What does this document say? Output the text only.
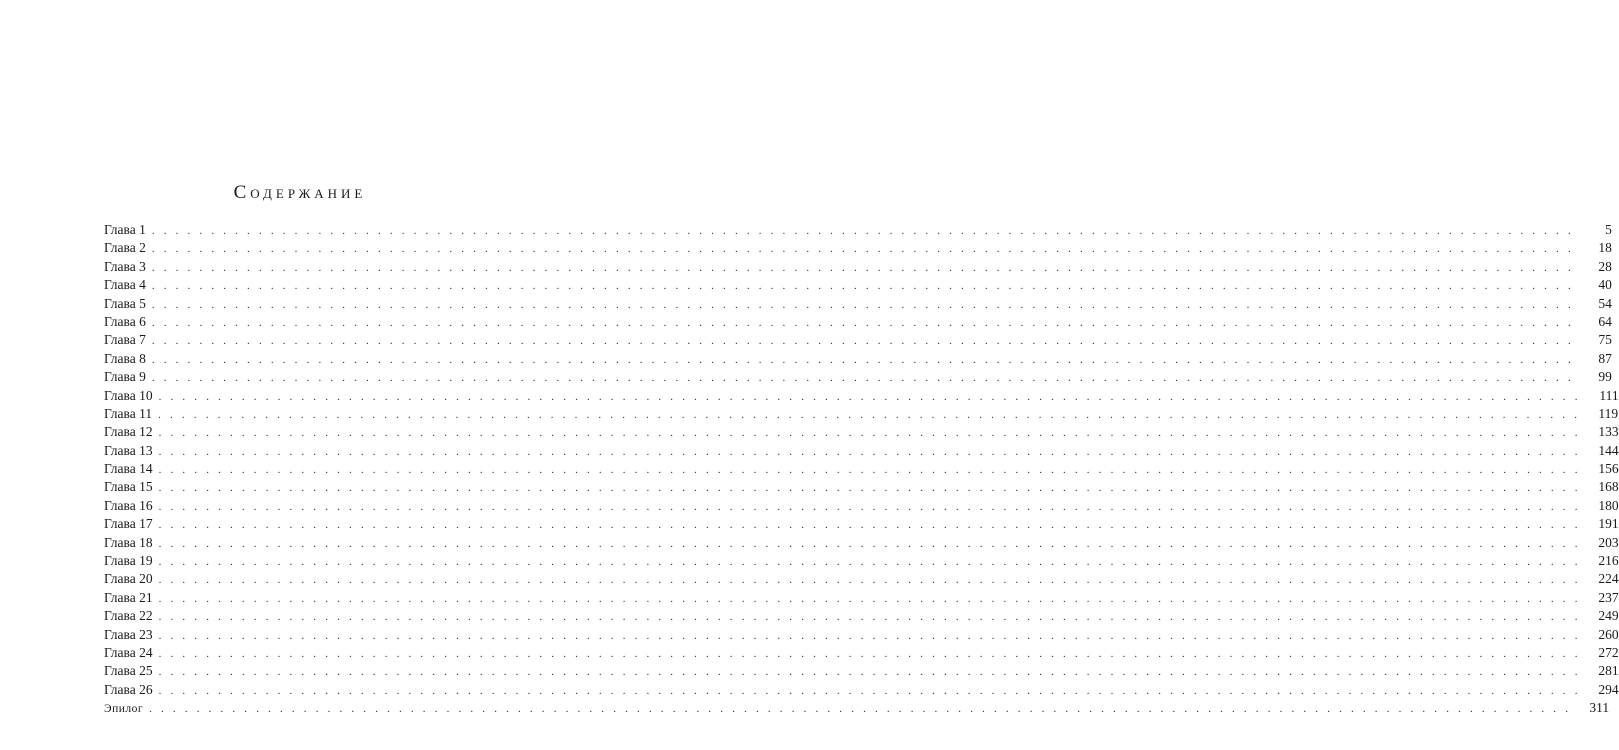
Содержание
Глава 1 . . . . . . . . . . . . . . . . . . . . . . . . . . . . . . . . . . . . . . . . . . . . . . . . . . . . . . . . . . . . . . . . . . . . . . . . . . . . . . . . . . . . . . . . . . . . . . . . . . . . . . . . . . . . . . . . . . . . . . . .	5
Глава 2 . . . . . . . . . . . . . . . . . . . . . . . . . . . . . . . . . . . . . . . . . . . . . . . . . . . . . . . . . . . . . . . . . . . . . . . . . . . . . . . . . . . . . . . . . . . . . . . . . . . . . . . . . . . . . . . . . . . . . . . .	18
Глава 3 . . . . . . . . . . . . . . . . . . . . . . . . . . . . . . . . . . . . . . . . . . . . . . . . . . . . . . . . . . . . . . . . . . . . . . . . . . . . . . . . . . . . . . . . . . . . . . . . . . . . . . . . . . . . . . . . . . . . . . . .	28
Глава 4 . . . . . . . . . . . . . . . . . . . . . . . . . . . . . . . . . . . . . . . . . . . . . . . . . . . . . . . . . . . . . . . . . . . . . . . . . . . . . . . . . . . . . . . . . . . . . . . . . . . . . . . . . . . . . . . . . . . . . . . .	40
Глава 5 . . . . . . . . . . . . . . . . . . . . . . . . . . . . . . . . . . . . . . . . . . . . . . . . . . . . . . . . . . . . . . . . . . . . . . . . . . . . . . . . . . . . . . . . . . . . . . . . . . . . . . . . . . . . . . . . . . . . . . . .	54
Глава 6 . . . . . . . . . . . . . . . . . . . . . . . . . . . . . . . . . . . . . . . . . . . . . . . . . . . . . . . . . . . . . . . . . . . . . . . . . . . . . . . . . . . . . . . . . . . . . . . . . . . . . . . . . . . . . . . . . . . . . . . .	64
Глава 7 . . . . . . . . . . . . . . . . . . . . . . . . . . . . . . . . . . . . . . . . . . . . . . . . . . . . . . . . . . . . . . . . . . . . . . . . . . . . . . . . . . . . . . . . . . . . . . . . . . . . . . . . . . . . . . . . . . . . . . . .	75
Глава 8 . . . . . . . . . . . . . . . . . . . . . . . . . . . . . . . . . . . . . . . . . . . . . . . . . . . . . . . . . . . . . . . . . . . . . . . . . . . . . . . . . . . . . . . . . . . . . . . . . . . . . . . . . . . . . . . . . . . . . . . .	87
Глава 9 . . . . . . . . . . . . . . . . . . . . . . . . . . . . . . . . . . . . . . . . . . . . . . . . . . . . . . . . . . . . . . . . . . . . . . . . . . . . . . . . . . . . . . . . . . . . . . . . . . . . . . . . . . . . . . . . . . . . . . . .	99
Глава 10 . . . . . . . . . . . . . . . . . . . . . . . . . . . . . . . . . . . . . . . . . . . . . . . . . . . . . . . . . . . . . . . . . . . . . . . . . . . . . . . . . . . . . . . . . . . . . . . . . . . . . . . . . . . . . . . . . . . . . . . .	111
Глава 11 . . . . . . . . . . . . . . . . . . . . . . . . . . . . . . . . . . . . . . . . . . . . . . . . . . . . . . . . . . . . . . . . . . . . . . . . . . . . . . . . . . . . . . . . . . . . . . . . . . . . . . . . . . . . . . . . . . . . . . . .	119
Глава 12 . . . . . . . . . . . . . . . . . . . . . . . . . . . . . . . . . . . . . . . . . . . . . . . . . . . . . . . . . . . . . . . . . . . . . . . . . . . . . . . . . . . . . . . . . . . . . . . . . . . . . . . . . . . . . . . . . . . . . . . .	133
Глава 13 . . . . . . . . . . . . . . . . . . . . . . . . . . . . . . . . . . . . . . . . . . . . . . . . . . . . . . . . . . . . . . . . . . . . . . . . . . . . . . . . . . . . . . . . . . . . . . . . . . . . . . . . . . . . . . . . . . . . . . . .	144
Глава 14 . . . . . . . . . . . . . . . . . . . . . . . . . . . . . . . . . . . . . . . . . . . . . . . . . . . . . . . . . . . . . . . . . . . . . . . . . . . . . . . . . . . . . . . . . . . . . . . . . . . . . . . . . . . . . . . . . . . . . . . .	156
Глава 15 . . . . . . . . . . . . . . . . . . . . . . . . . . . . . . . . . . . . . . . . . . . . . . . . . . . . . . . . . . . . . . . . . . . . . . . . . . . . . . . . . . . . . . . . . . . . . . . . . . . . . . . . . . . . . . . . . . . . . . . .	168
Глава 16 . . . . . . . . . . . . . . . . . . . . . . . . . . . . . . . . . . . . . . . . . . . . . . . . . . . . . . . . . . . . . . . . . . . . . . . . . . . . . . . . . . . . . . . . . . . . . . . . . . . . . . . . . . . . . . . . . . . . . . . .	180
Глава 17 . . . . . . . . . . . . . . . . . . . . . . . . . . . . . . . . . . . . . . . . . . . . . . . . . . . . . . . . . . . . . . . . . . . . . . . . . . . . . . . . . . . . . . . . . . . . . . . . . . . . . . . . . . . . . . . . . . . . . . . .	191
Глава 18 . . . . . . . . . . . . . . . . . . . . . . . . . . . . . . . . . . . . . . . . . . . . . . . . . . . . . . . . . . . . . . . . . . . . . . . . . . . . . . . . . . . . . . . . . . . . . . . . . . . . . . . . . . . . . . . . . . . . . . . .	203
Глава 19 . . . . . . . . . . . . . . . . . . . . . . . . . . . . . . . . . . . . . . . . . . . . . . . . . . . . . . . . . . . . . . . . . . . . . . . . . . . . . . . . . . . . . . . . . . . . . . . . . . . . . . . . . . . . . . . . . . . . . . . .	216
Глава 20 . . . . . . . . . . . . . . . . . . . . . . . . . . . . . . . . . . . . . . . . . . . . . . . . . . . . . . . . . . . . . . . . . . . . . . . . . . . . . . . . . . . . . . . . . . . . . . . . . . . . . . . . . . . . . . . . . . . . . . . .	224
Глава 21 . . . . . . . . . . . . . . . . . . . . . . . . . . . . . . . . . . . . . . . . . . . . . . . . . . . . . . . . . . . . . . . . . . . . . . . . . . . . . . . . . . . . . . . . . . . . . . . . . . . . . . . . . . . . . . . . . . . . . . . .	237
Глава 22 . . . . . . . . . . . . . . . . . . . . . . . . . . . . . . . . . . . . . . . . . . . . . . . . . . . . . . . . . . . . . . . . . . . . . . . . . . . . . . . . . . . . . . . . . . . . . . . . . . . . . . . . . . . . . . . . . . . . . . . .	249
Глава 23 . . . . . . . . . . . . . . . . . . . . . . . . . . . . . . . . . . . . . . . . . . . . . . . . . . . . . . . . . . . . . . . . . . . . . . . . . . . . . . . . . . . . . . . . . . . . . . . . . . . . . . . . . . . . . . . . . . . . . . . .	260
Глава 24 . . . . . . . . . . . . . . . . . . . . . . . . . . . . . . . . . . . . . . . . . . . . . . . . . . . . . . . . . . . . . . . . . . . . . . . . . . . . . . . . . . . . . . . . . . . . . . . . . . . . . . . . . . . . . . . . . . . . . . . .	272
Глава 25 . . . . . . . . . . . . . . . . . . . . . . . . . . . . . . . . . . . . . . . . . . . . . . . . . . . . . . . . . . . . . . . . . . . . . . . . . . . . . . . . . . . . . . . . . . . . . . . . . . . . . . . . . . . . . . . . . . . . . . . .	281
Глава 26 . . . . . . . . . . . . . . . . . . . . . . . . . . . . . . . . . . . . . . . . . . . . . . . . . . . . . . . . . . . . . . . . . . . . . . . . . . . . . . . . . . . . . . . . . . . . . . . . . . . . . . . . . . . . . . . . . . . . . . . .	294
Эпилог . . . . . . . . . . . . . . . . . . . . . . . . . . . . . . . . . . . . . . . . . . . . . . . . . . . . . . . . . . . . . . . . . . . . . . . . . . . . . . . . . . . . . . . . . . . . . . . . . . . . . . . . . . . . . . . . . . . . . . . .	311
